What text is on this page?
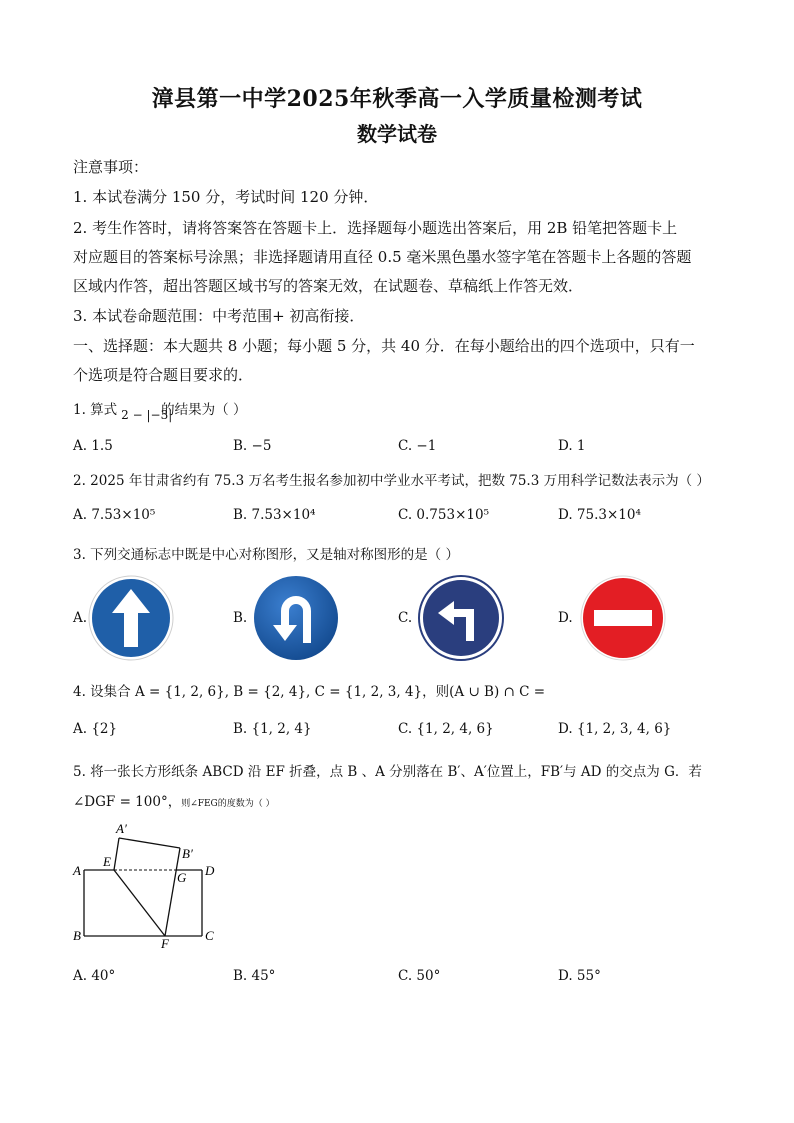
漳县第一中学2025年秋季高一入学质量检测考试
数学试卷
注意事项：
1. 本试卷满分 150 分，考试时间 120 分钟．
2. 考生作答时，请将答案答在答题卡上．选择题每小题选出答案后，用 2B 铅笔把答题卡上
对应题目的答案标号涂黑；非选择题请用直径 0.5 毫米黑色墨水签字笔在答题卡上各题的答题
区域内作答，超出答题区域书写的答案无效，在试题卷、草稿纸上作答无效．
3. 本试卷命题范围：中考范围+ 初高衔接．
一、选择题：本大题共 8 小题；每小题 5 分，共 40 分．在每小题给出的四个选项中，只有一
个选项是符合题目要求的．
1. 算式 2 − |−3|
的结果为（ ）
A. 1.5	B. −5	C. −1	D. 1
2. 2025 年甘肃省约有 75.3 万名考生报名参加初中学业水平考试，把数 75.3 万用科学记数法表示为（ ）
A. 7.53×10⁵	B. 7.53×10⁴	C. 0.753×10⁵	D. 75.3×10⁴
3. 下列交通标志中既是中心对称图形，又是轴对称图形的是（ ）
A.	B.	C.	D.
4. 设集合 A = {1, 2, 6}, B = {2, 4}, C = {1, 2, 3, 4}，则(A ∪ B) ∩ C =
A. {2}	B. {1, 2, 4}	C. {1, 2, 4, 6}	D. {1, 2, 3, 4, 6}
5. 将一张长方形纸条 ABCD 沿 EF 折叠，点 B 、A 分别落在 B′、A′位置上，FB′与 AD 的交点为 G．若
∠DGF = 100°，则∠FEG的度数为（ ）
A′
B′
E
G D
A
B
F
C
A. 40°	B. 45°	C. 50°	D. 55°
